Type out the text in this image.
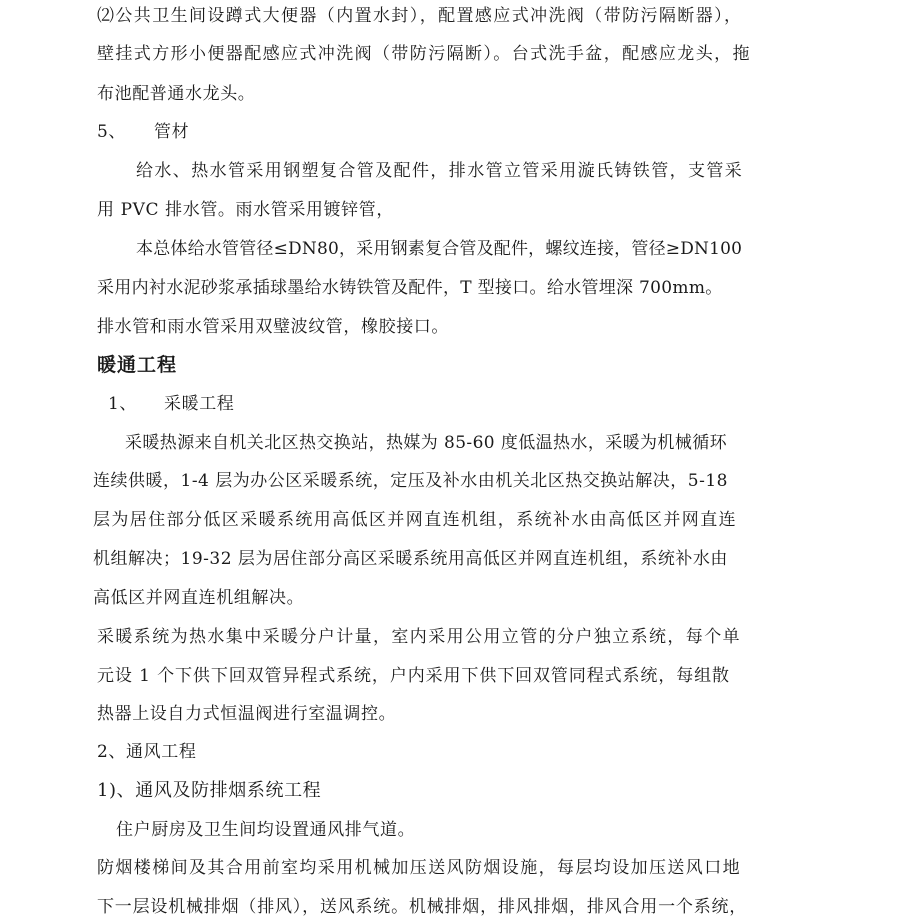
⑵公共卫生间设蹲式大便器（内置水封），配置感应式冲洗阀（带防污隔断器），
壁挂式方形小便器配感应式冲洗阀（带防污隔断）。台式洗手盆，配感应龙头，拖
布池配普通水龙头。
5、 管材
给水、热水管采用钢塑复合管及配件，排水管立管采用漩氏铸铁管，支管采
用 PVC 排水管。雨水管采用镀锌管，
本总体给水管管径≤DN80，采用钢素复合管及配件，螺纹连接，管径≥DN100
采用内衬水泥砂浆承插球墨给水铸铁管及配件，T 型接口。给水管埋深 700mm。
排水管和雨水管采用双璧波纹管，橡胶接口。
暖通工程
1、 采暖工程
采暖热源来自机关北区热交换站，热媒为 85-60 度低温热水，采暖为机械循环
连续供暖，1-4 层为办公区采暖系统，定压及补水由机关北区热交换站解决，5-18
层为居住部分低区采暖系统用高低区并网直连机组，系统补水由高低区并网直连
机组解决；19-32 层为居住部分高区采暖系统用高低区并网直连机组，系统补水由
高低区并网直连机组解决。
采暖系统为热水集中采暖分户计量，室内采用公用立管的分户独立系统，每个单
元设 1 个下供下回双管异程式系统，户内采用下供下回双管同程式系统，每组散
热器上设自力式恒温阀进行室温调控。
2、通风工程
1)、通风及防排烟系统工程
住户厨房及卫生间均设置通风排气道。
防烟楼梯间及其合用前室均采用机械加压送风防烟设施，每层均设加压送风口地
下一层设机械排烟（排风），送风系统。机械排烟，排风排烟，排风合用一个系统，
